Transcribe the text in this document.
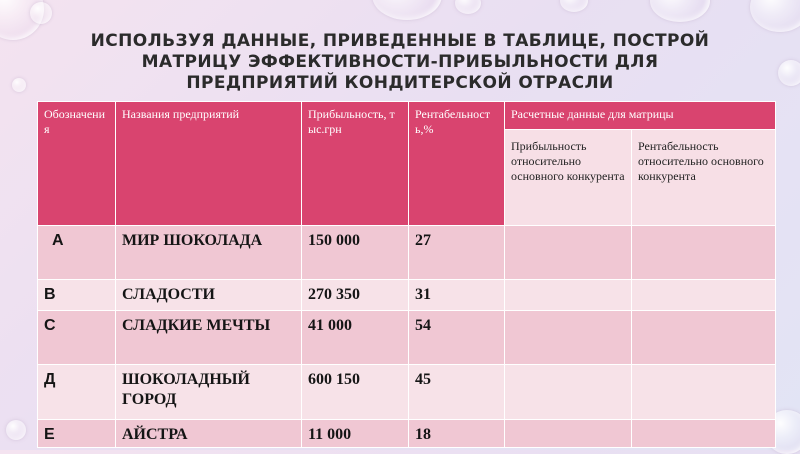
ИСПОЛЬЗУЯ ДАННЫЕ, ПРИВЕДЕННЫЕ В ТАБЛИЦЕ, ПОСТРОЙ
МАТРИЦУ ЭФФЕКТИВНОСТИ-ПРИБЫЛЬНОСТИ ДЛЯ
ПРЕДПРИЯТИЙ КОНДИТЕРСКОЙ ОТРАСЛИ
Обозначения	Названия предприятий	Прибыльность, тыс.грн	Рентабельность,%	Расчетные данные для матрицы	
				Прибыльность относительно основного конкурента	Рентабельность относительно основного конкурента
А	МИР ШОКОЛАДА	150 000	27		
В	СЛАДОСТИ	270 350	31		
С	СЛАДКИЕ МЕЧТЫ	41 000	54		
Д	ШОКОЛАДНЫЙ ГОРОД	600 150	45		
Е	АЙСТРА	11 000	18		
